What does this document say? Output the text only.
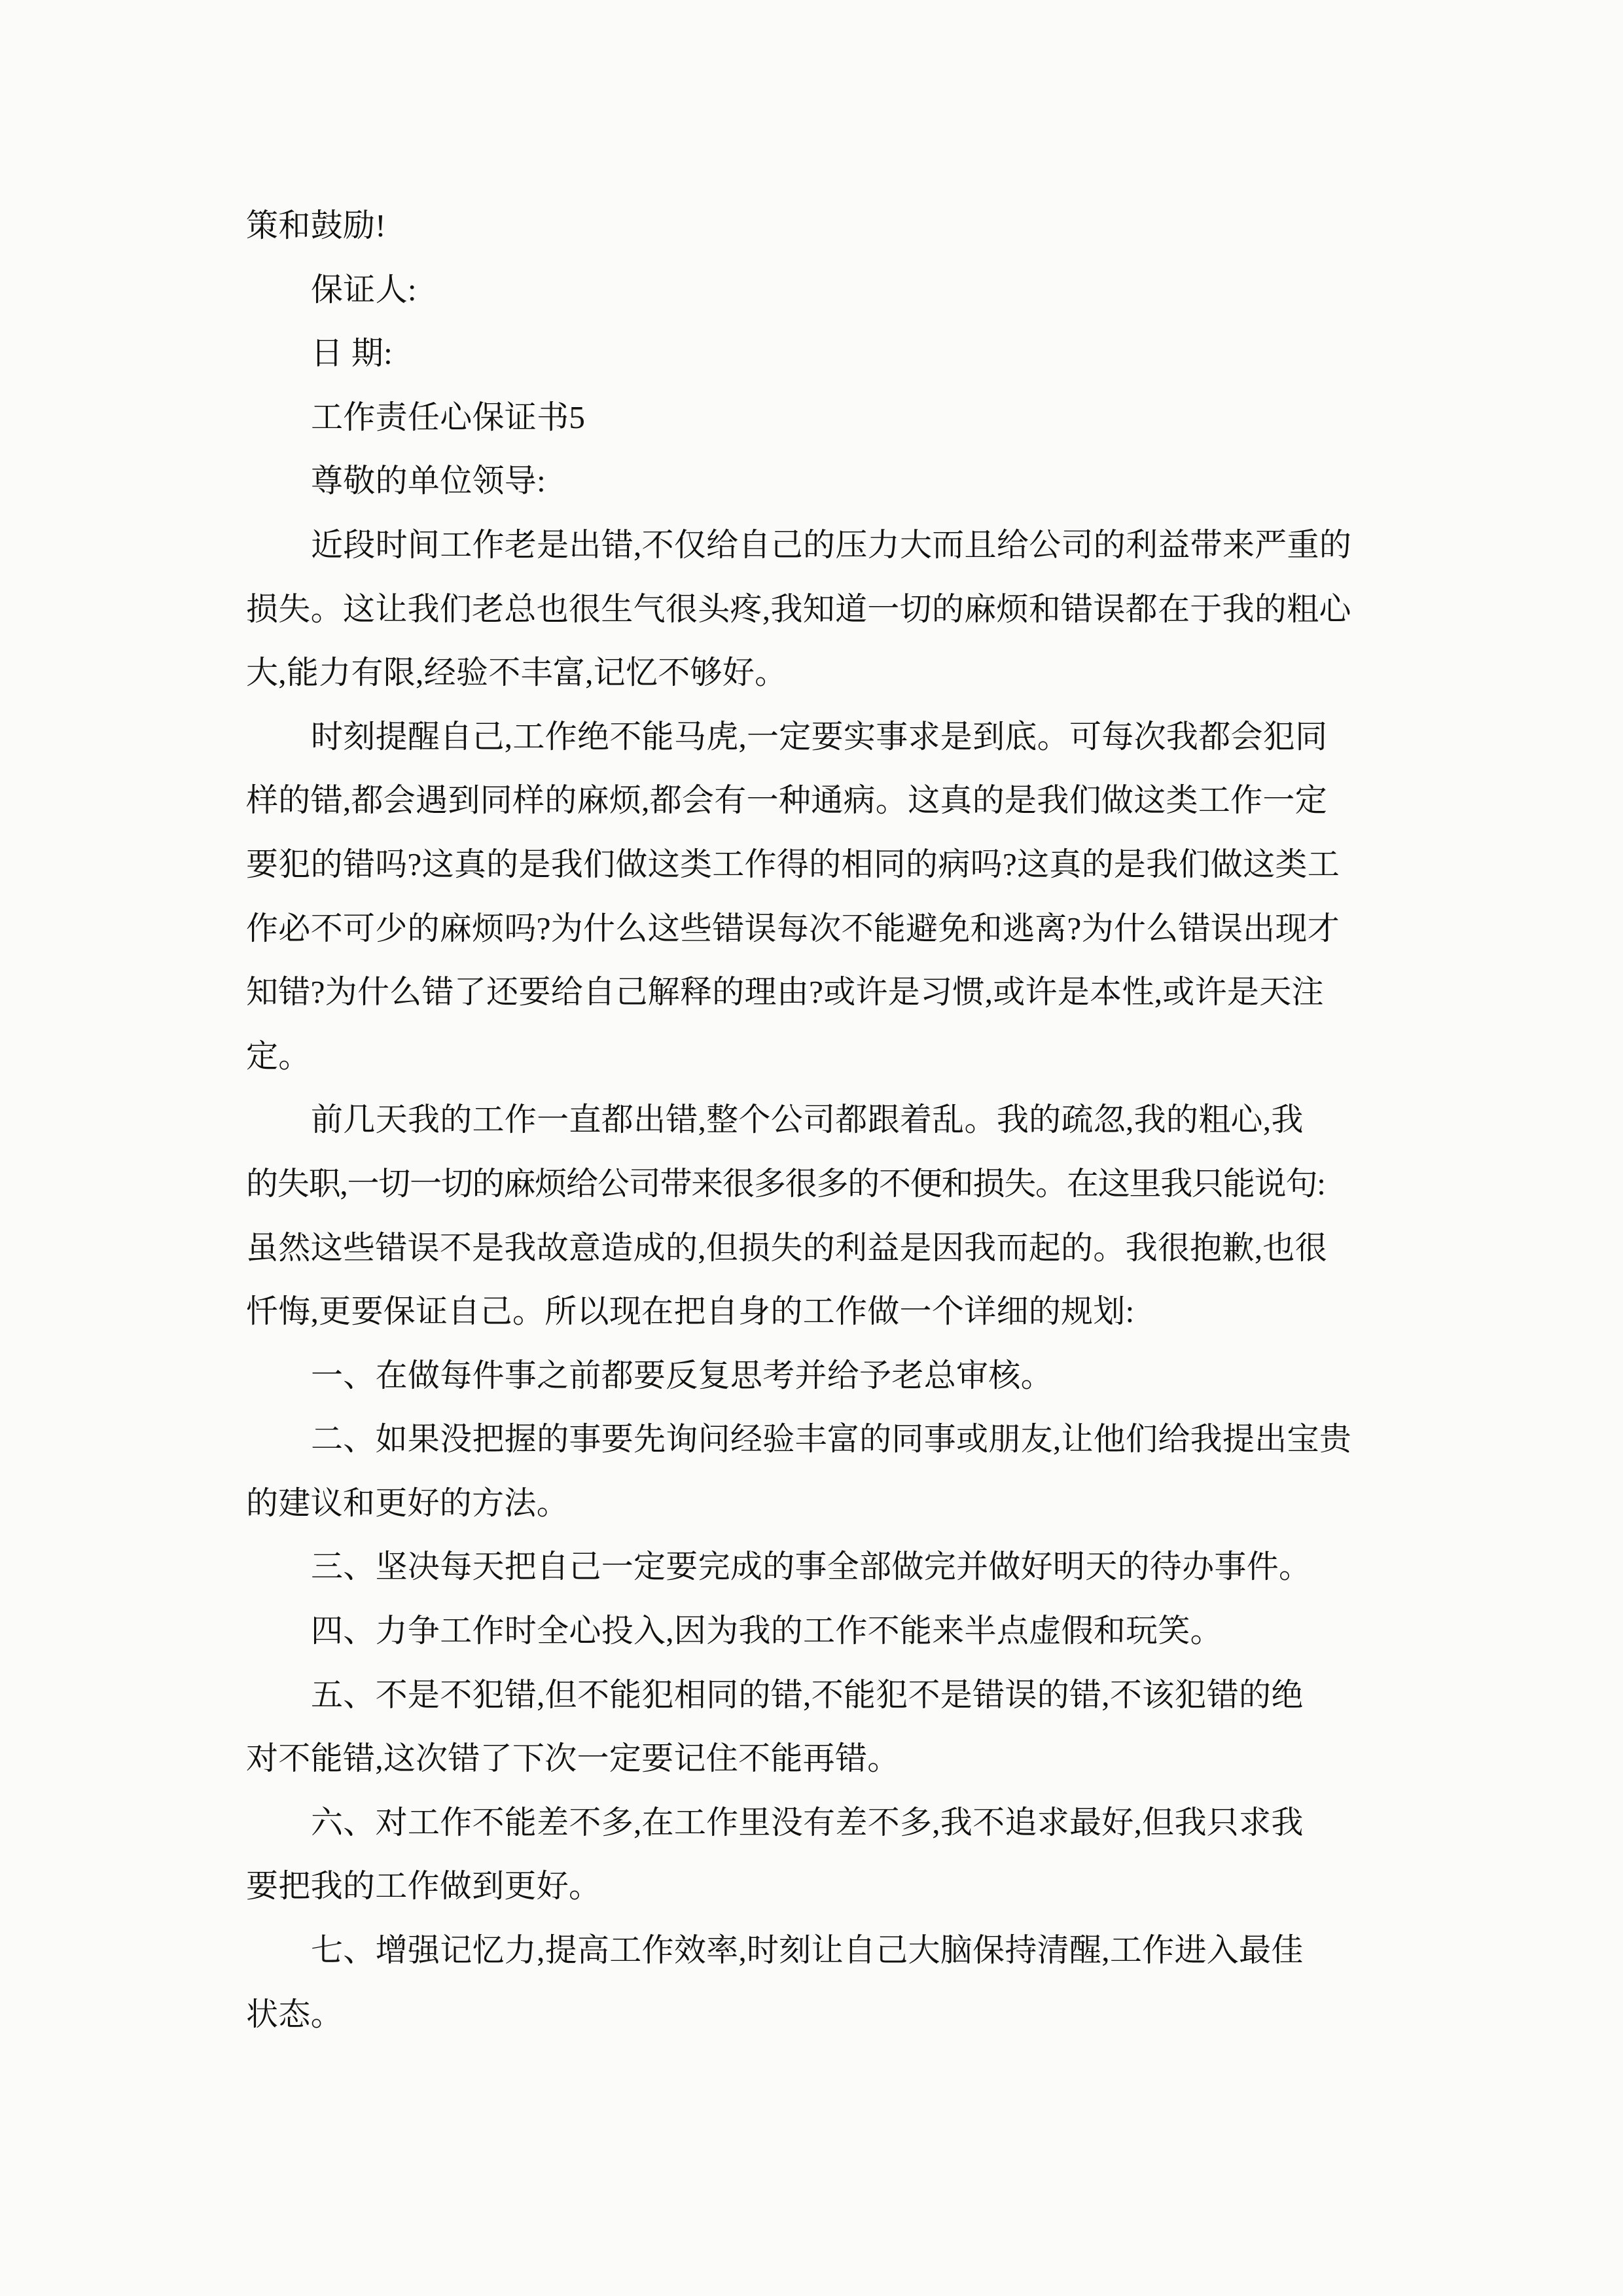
策和鼓励!
保证人:
日 期:
工作责任心保证书5
尊敬的单位领导:
近段时间工作老是出错,不仅给自己的压力大而且给公司的利益带来严重的
损失。这让我们老总也很生气很头疼,我知道一切的麻烦和错误都在于我的粗心
大,能力有限,经验不丰富,记忆不够好。
时刻提醒自己,工作绝不能马虎,一定要实事求是到底。可每次我都会犯同
样的错,都会遇到同样的麻烦,都会有一种通病。这真的是我们做这类工作一定
要犯的错吗?这真的是我们做这类工作得的相同的病吗?这真的是我们做这类工
作必不可少的麻烦吗?为什么这些错误每次不能避免和逃离?为什么错误出现才
知错?为什么错了还要给自己解释的理由?或许是习惯,或许是本性,或许是天注
定。
前几天我的工作一直都出错,整个公司都跟着乱。我的疏忽,我的粗心,我
的失职,一切一切的麻烦给公司带来很多很多的不便和损失。在这里我只能说句:
虽然这些错误不是我故意造成的,但损失的利益是因我而起的。我很抱歉,也很
忏悔,更要保证自己。所以现在把自身的工作做一个详细的规划:
一、在做每件事之前都要反复思考并给予老总审核。
二、如果没把握的事要先询问经验丰富的同事或朋友,让他们给我提出宝贵
的建议和更好的方法。
三、坚决每天把自己一定要完成的事全部做完并做好明天的待办事件。
四、力争工作时全心投入,因为我的工作不能来半点虚假和玩笑。
五、不是不犯错,但不能犯相同的错,不能犯不是错误的错,不该犯错的绝
对不能错,这次错了下次一定要记住不能再错。
六、对工作不能差不多,在工作里没有差不多,我不追求最好,但我只求我
要把我的工作做到更好。
七、增强记忆力,提高工作效率,时刻让自己大脑保持清醒,工作进入最佳
状态。
